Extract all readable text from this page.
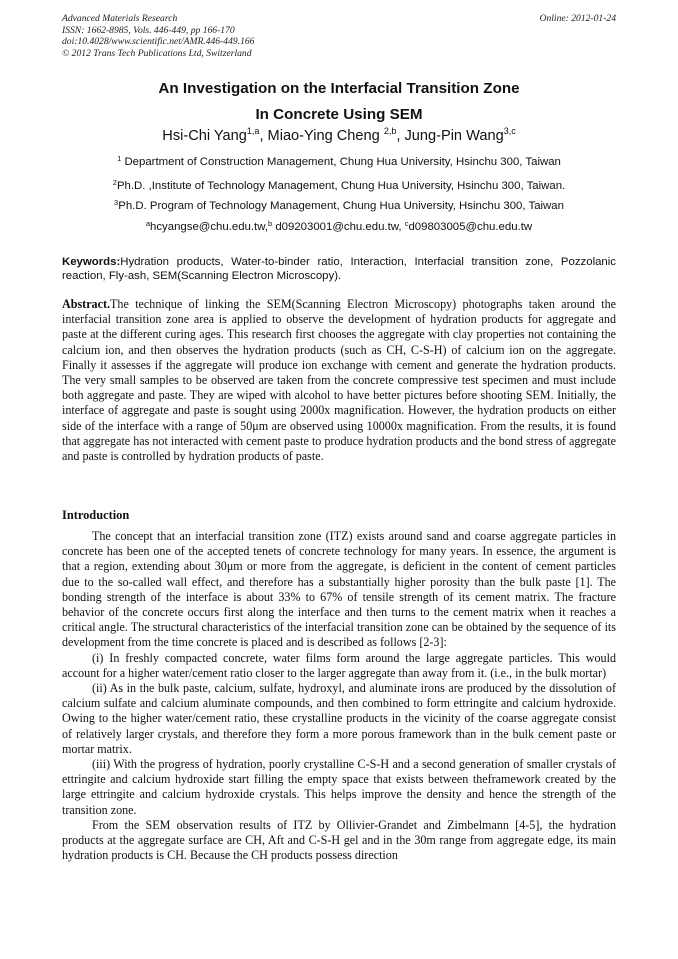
Advanced Materials Research
ISSN: 1662-8985, Vols. 446-449, pp 166-170
doi:10.4028/www.scientific.net/AMR.446-449.166
© 2012 Trans Tech Publications Ltd, Switzerland
Online: 2012-01-24
An Investigation on the Interfacial Transition Zone
In Concrete Using SEM
Hsi-Chi Yang$^{1,a}$, Miao-Ying Cheng $^{2,b}$, Jung-Pin Wang$^{3,c}$
$^1$ Department of Construction Management, Chung Hua University, Hsinchu 300, Taiwan
$^2$Ph.D. ,Institute of Technology Management, Chung Hua University, Hsinchu 300, Taiwan.
$^3$Ph.D. Program of Technology Management, Chung Hua University, Hsinchu 300, Taiwan
$^a$hcyangse@chu.edu.tw,$^b$ d09203001@chu.edu.tw, $^c$d09803005@chu.edu.tw
Keywords:Hydration products, Water-to-binder ratio, Interaction, Interfacial transition zone, Pozzolanic reaction, Fly-ash, SEM(Scanning Electron Microscopy).

Abstract.The technique of linking the SEM(Scanning Electron Microscopy) photographs taken around the interfacial transition zone area is applied to observe the development of hydration products for aggregate and paste at the different curing ages. This research first chooses the aggregate with clay properties not containing the calcium ion, and then observes the hydration products (such as CH, C-S-H) of calcium ion on the aggregate. Finally it assesses if the aggregate will produce ion exchange with cement and generate the hydration products. The very small samples to be observed are taken from the concrete compressive test specimen and must include both aggregate and paste. They are wiped with alcohol to have better pictures before shooting SEM. Initially, the interface of aggregate and paste is sought using 2000x magnification. However, the hydration products on either side of the interface with a range of 50μm are observed using 10000x magnification. From the results, it is found that aggregate has not interacted with cement paste to produce hydration products and the bond stress of aggregate and paste is controlled by hydration products of paste.

Introduction

The concept that an interfacial transition zone (ITZ) exists around sand and coarse aggregate particles in concrete has been one of the accepted tenets of concrete technology for many years. In essence, the argument is that a region, extending about 30μm or more from the aggregate, is deficient in the content of cement particles due to the so-called wall effect, and therefore has a substantially higher porosity than the bulk paste [1]. The bonding strength of the interface is about 33% to 67% of tensile strength of its cement matrix. The fracture behavior of the concrete occurs first along the interface and then turns to the cement matrix when it reaches a critical angle. The structural characteristics of the interfacial transition zone can be obtained by the sequence of its development from the time concrete is placed and is described as follows [2-3]:

(i) In freshly compacted concrete, water films form around the large aggregate particles. This would account for a higher water/cement ratio closer to the larger aggregate than away from it. (i.e., in the bulk mortar)

(ii) As in the bulk paste, calcium, sulfate, hydroxyl, and aluminate irons are produced by the dissolution of calcium sulfate and calcium aluminate compounds, and then combined to form ettringite and calcium hydroxide. Owing to the higher water/cement ratio, these crystalline products in the vicinity of the coarse aggregate consist of relatively larger crystals, and therefore they form a more porous framework than in the bulk cement paste or mortar matrix.

(iii) With the progress of hydration, poorly crystalline C-S-H and a second generation of smaller crystals of ettringite and calcium hydroxide start filling the empty space that exists between theframework created by the large ettringite and calcium hydroxide crystals. This helps improve the density and hence the strength of the transition zone.

From the SEM observation results of ITZ by Ollivier-Grandet and Zimbelmann [4-5], the hydration products at the aggregate surface are CH, Aft and C-S-H gel and in the 30m range from aggregate edge, its main hydration products is CH. Because the CH products possess direction
